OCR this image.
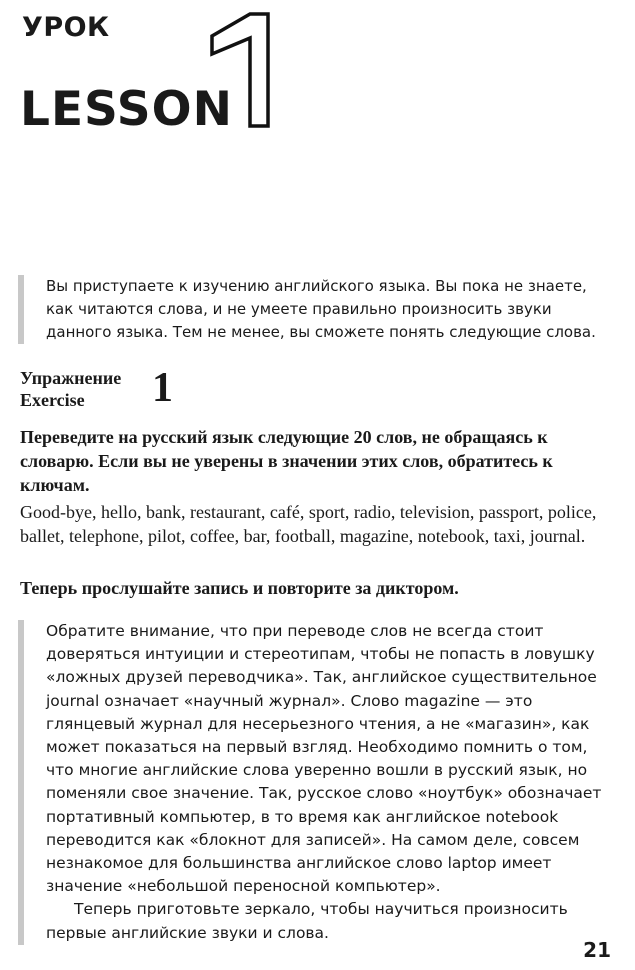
УРОК
LESSON
Вы приступаете к изучению английского языка. Вы пока не знаете, как читаются слова, и не умеете правильно произносить звуки данного языка. Тем не менее, вы сможете понять следующие слова.
Упражнение
Exercise	1
Переведите на русский язык следующие 20 слов, не обращаясь к словарю. Если вы не уверены в значении этих слов, обратитесь к ключам.
Good-bye, hello, bank, restaurant, café, sport, radio, television, passport, police, ballet, telephone, pilot, coffee, bar, football, magazine, notebook, taxi, journal.
Теперь прослушайте запись и повторите за диктором.

Обратите внимание, что при переводе слов не всегда стоит доверяться интуиции и стереотипам, чтобы не попасть в ловушку «ложных друзей переводчика». Так, английское существительное journal означает «научный журнал». Слово magazine — это глянцевый журнал для несерьезного чтения, а не «магазин», как может показаться на первый взгляд. Необходимо помнить о том, что многие английские слова уверенно вошли в русский язык, но поменяли свое значение. Так, русское слово «ноутбук» обозначает портативный компьютер, в то время как английское notebook переводится как «блокнот для записей». На самом деле, совсем незнакомое для большинства английское слово laptop имеет значение «небольшой переносной компьютер».

Теперь приготовьте зеркало, чтобы научиться произносить первые английские звуки и слова.

21
